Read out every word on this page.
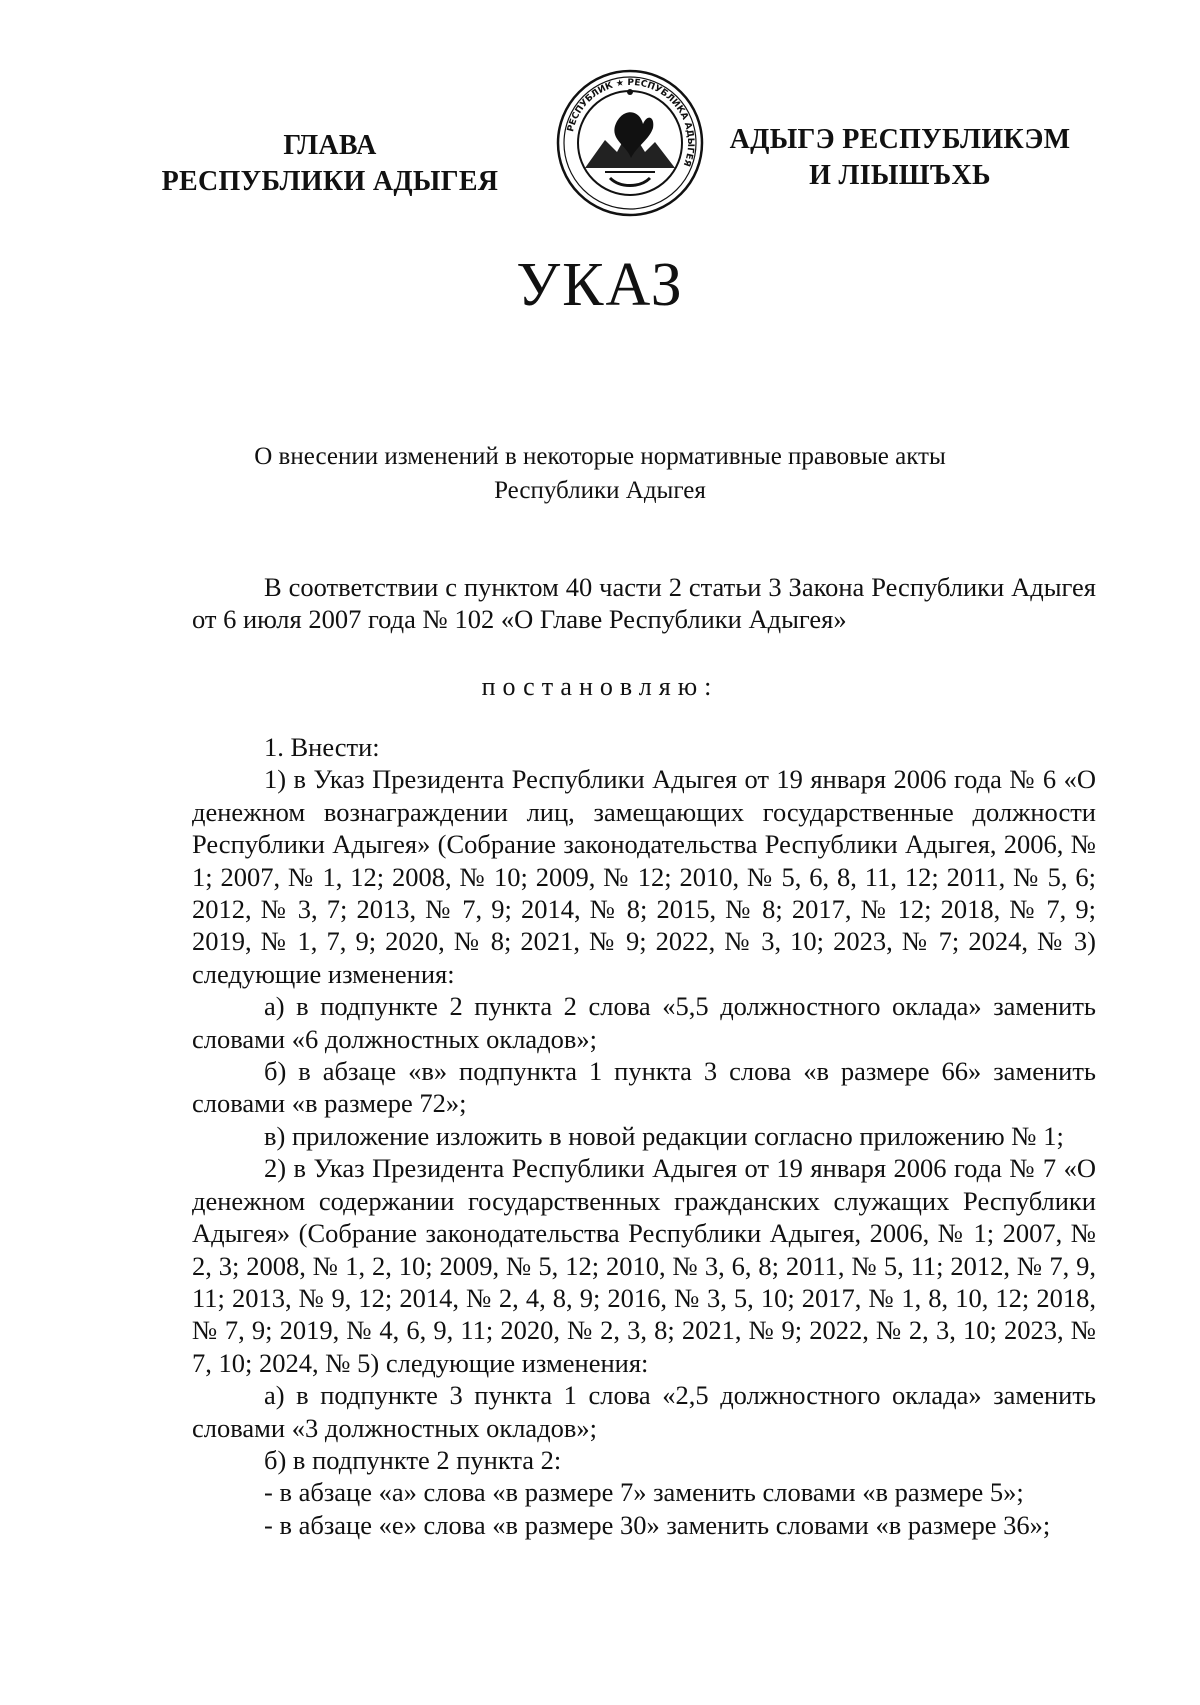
ГЛАВА
РЕСПУБЛИКИ АДЫГЕЯ
РЕСПУБЛИК ★ РЕСПУБЛИКА АДЫГЕЯ
АДЫГЭ РЕСПУБЛИКЭМ
И ЛІЫШЪХЬ
УКАЗ
О внесении изменений в некоторые нормативные правовые акты
Республики Адыгея

В соответствии с пунктом 40 части 2 статьи 3 Закона Республики Адыгея от 6 июля 2007 года № 102 «О Главе Республики Адыгея»

постановляю:

1. Внести:

1) в Указ Президента Республики Адыгея от 19 января 2006 года № 6 «О денежном вознаграждении лиц, замещающих государственные должности Республики Адыгея» (Собрание законодательства Республики Адыгея, 2006, № 1; 2007, № 1, 12; 2008, № 10; 2009, № 12; 2010, № 5, 6, 8, 11, 12; 2011, № 5, 6; 2012, № 3, 7; 2013, № 7, 9; 2014, № 8; 2015, № 8; 2017, № 12; 2018, № 7, 9; 2019, № 1, 7, 9; 2020, № 8; 2021, № 9; 2022, № 3, 10; 2023, № 7; 2024, № 3) следующие изменения:

а) в подпункте 2 пункта 2 слова «5,5 должностного оклада» заменить словами «6 должностных окладов»;

б) в абзаце «в» подпункта 1 пункта 3 слова «в размере 66» заменить словами «в размере 72»;

в) приложение изложить в новой редакции согласно приложению № 1;

2) в Указ Президента Республики Адыгея от 19 января 2006 года № 7 «О денежном содержании государственных гражданских служащих Республики Адыгея» (Собрание законодательства Республики Адыгея, 2006, № 1; 2007, № 2, 3; 2008, № 1, 2, 10; 2009, № 5, 12; 2010, № 3, 6, 8; 2011, № 5, 11; 2012, № 7, 9, 11; 2013, № 9, 12; 2014, № 2, 4, 8, 9; 2016, № 3, 5, 10; 2017, № 1, 8, 10, 12; 2018, № 7, 9; 2019, № 4, 6, 9, 11; 2020, № 2, 3, 8; 2021, № 9; 2022, № 2, 3, 10; 2023, № 7, 10; 2024, № 5) следующие изменения:

а) в подпункте 3 пункта 1 слова «2,5 должностного оклада» заменить словами «3 должностных окладов»;

б) в подпункте 2 пункта 2:

- в абзаце «а» слова «в размере 7» заменить словами «в размере 5»;

- в абзаце «е» слова «в размере 30» заменить словами «в размере 36»;
